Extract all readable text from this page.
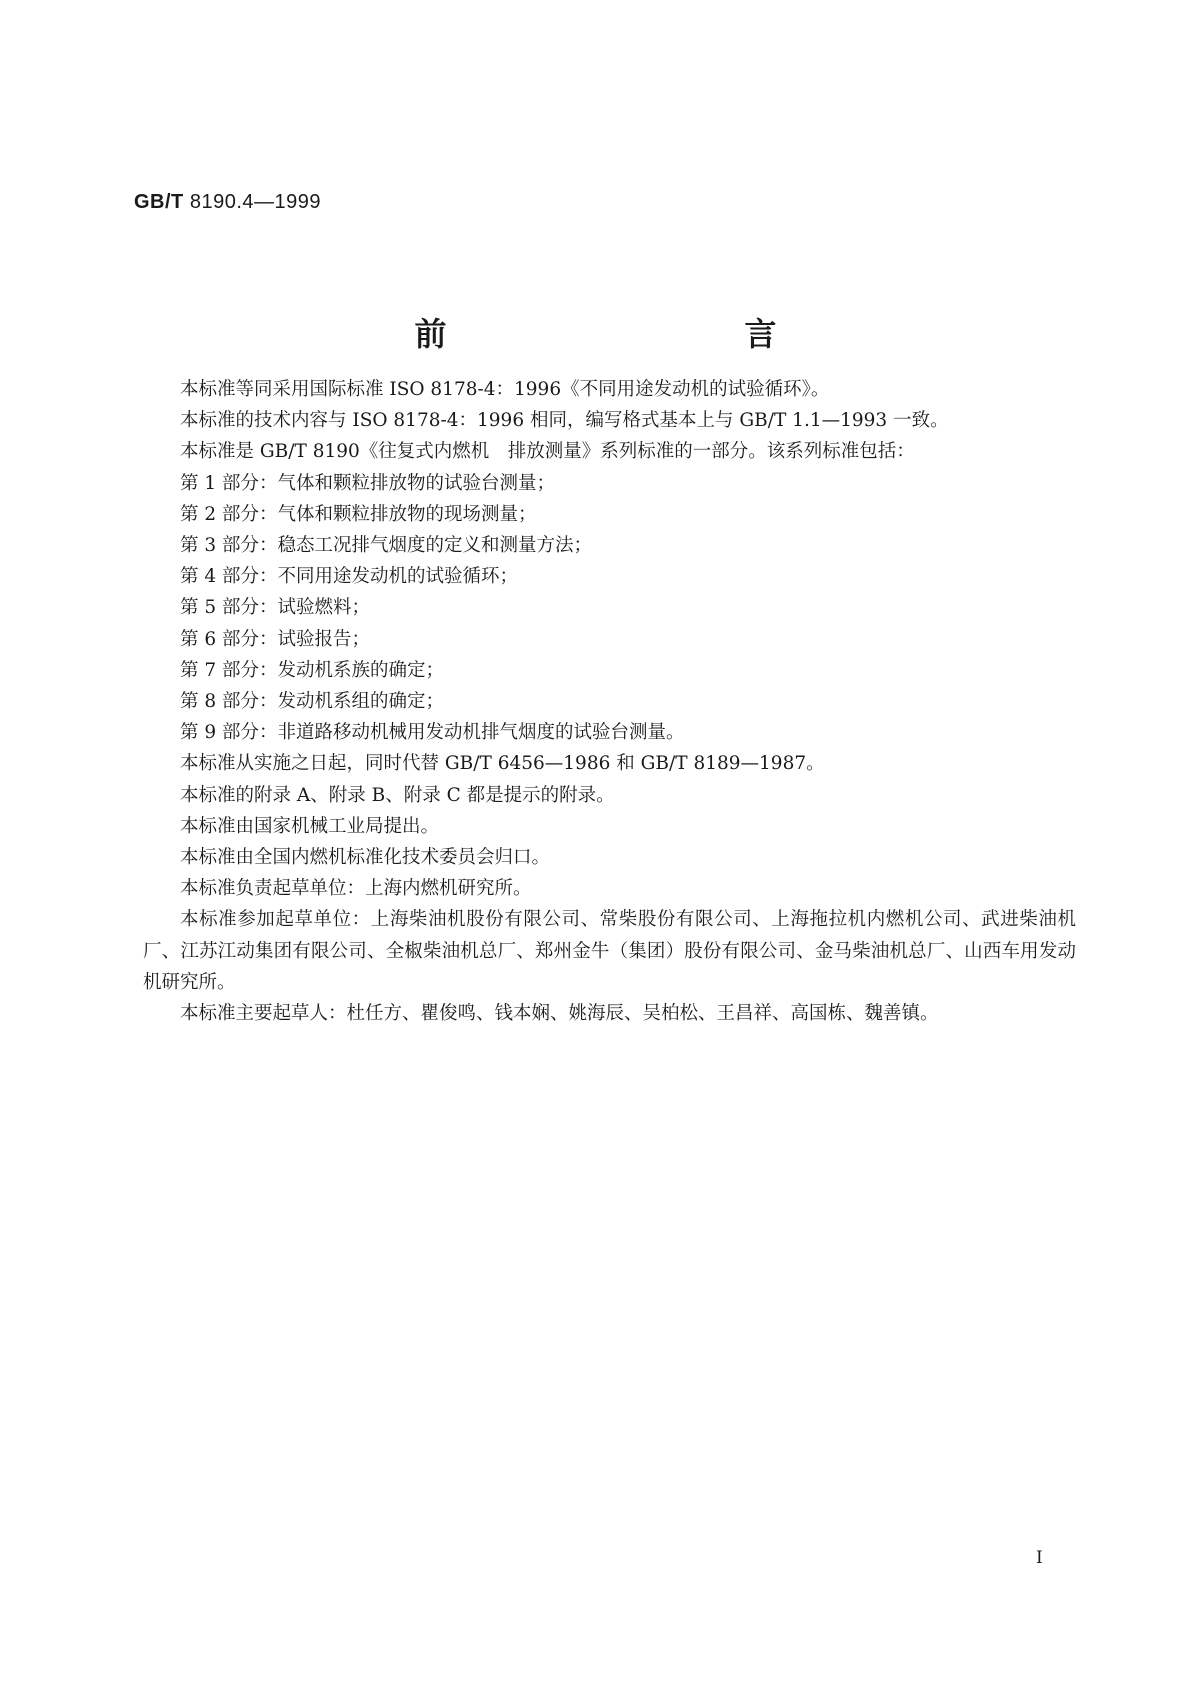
GB/T 8190.4—1999
前　　言

本标准等同采用国际标准 ISO 8178-4：1996《不同用途发动机的试验循环》。

本标准的技术内容与 ISO 8178-4：1996 相同，编写格式基本上与 GB/T 1.1—1993 一致。

本标准是 GB/T 8190《往复式内燃机　排放测量》系列标准的一部分。该系列标准包括：

第 1 部分：气体和颗粒排放物的试验台测量；

第 2 部分：气体和颗粒排放物的现场测量；

第 3 部分：稳态工况排气烟度的定义和测量方法；

第 4 部分：不同用途发动机的试验循环；

第 5 部分：试验燃料；

第 6 部分：试验报告；

第 7 部分：发动机系族的确定；

第 8 部分：发动机系组的确定；

第 9 部分：非道路移动机械用发动机排气烟度的试验台测量。

本标准从实施之日起，同时代替 GB/T 6456—1986 和 GB/T 8189—1987。

本标准的附录 A、附录 B、附录 C 都是提示的附录。

本标准由国家机械工业局提出。

本标准由全国内燃机标准化技术委员会归口。

本标准负责起草单位：上海内燃机研究所。

本标准参加起草单位：上海柴油机股份有限公司、常柴股份有限公司、上海拖拉机内燃机公司、武进柴油机厂、江苏江动集团有限公司、全椒柴油机总厂、郑州金牛（集团）股份有限公司、金马柴油机总厂、山西车用发动机研究所。

本标准主要起草人：杜任方、瞿俊鸣、钱本娴、姚海辰、吴柏松、王昌祥、高国栋、魏善镇。

I
